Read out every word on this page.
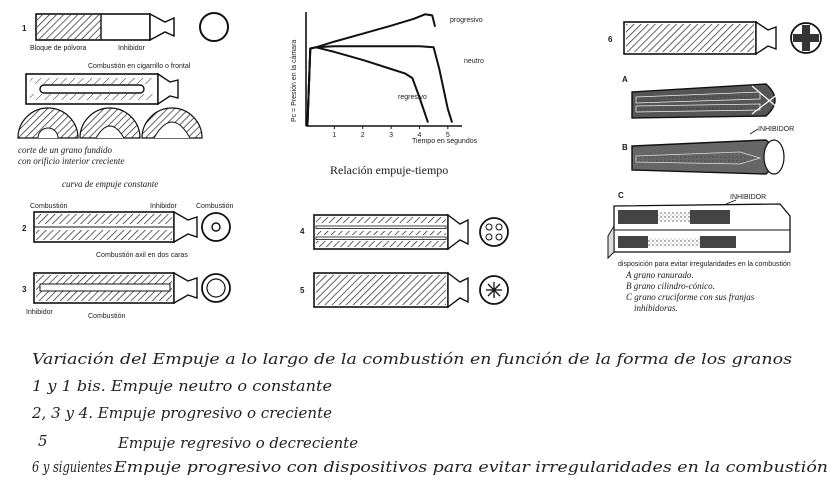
1
Bloque de pólvora	Inhibidor
Combustión en cigarrillo o frontal
corte de un grano fundido
con orificio interior creciente
curva de empuje constante
2
Combustión	Inhibidor	Combustión
Combustión axil en dos caras
3
Inhibidor
Combustión
1	2	3	4	5
Pc = Presión en la cámara
Tiempo en segundos
progresivo
neutro
regresivo
Relación empuje-tiempo
4
5
6
A
B
INHIBIDOR
C	INHIBIDOR
disposición para evitar irregularidades en la combustión
A grano ranurado.
B grano cilindro-cónico.
C grano cruciforme con sus franjas
inhibidoras.
Variación del Empuje a lo largo de la combustión en función de la forma de los granos
1 y 1 bis. Empuje neutro o constante
2, 3 y 4. Empuje progresivo o creciente
5	Empuje regresivo o decreciente
6 y siguientes Empuje progresivo con dispositivos para evitar irregularidades en la combustión
